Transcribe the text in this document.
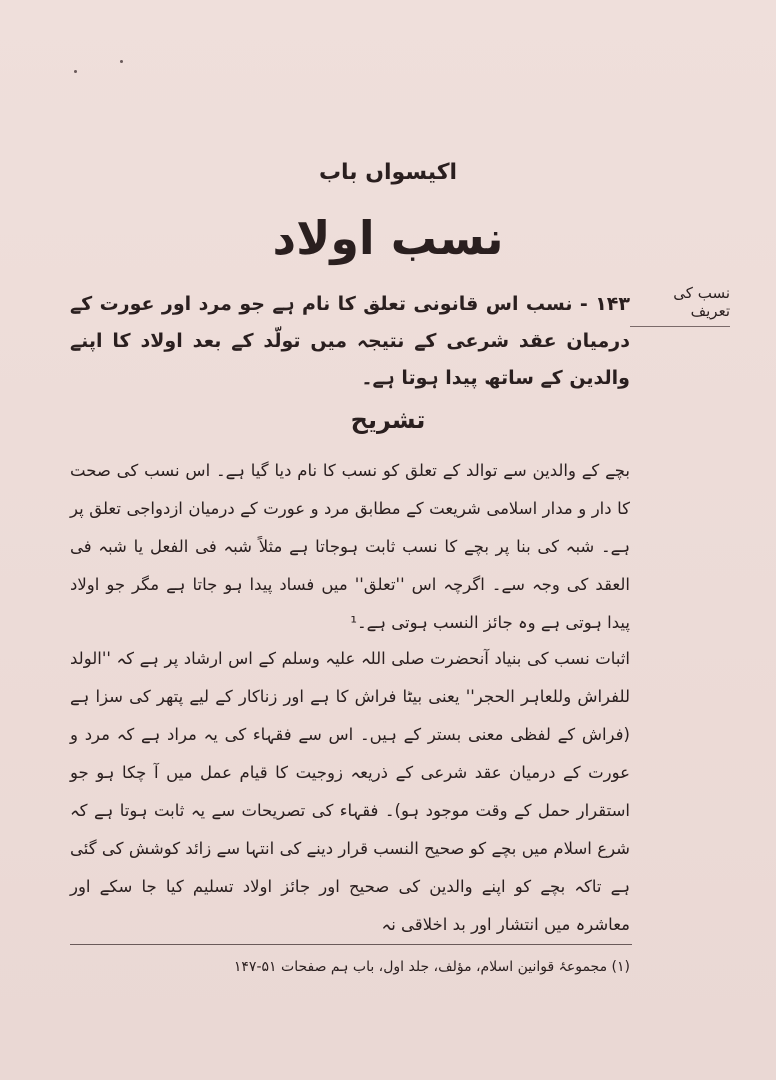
اکیسواں باب
نسب اولاد
نسب کی تعریف
۱۴۳ - نسب اس قانونی تعلق کا نام ہے جو مرد اور عورت کے درمیان عقد شرعی کے نتیجہ میں تولّد کے بعد اولاد کا اپنے والدین کے ساتھ پیدا ہوتا ہے۔
تشریح
بچے کے والدین سے توالد کے تعلق کو نسب کا نام دیا گیا ہے۔ اس نسب کی صحت کا دار و مدار اسلامی شریعت کے مطابق مرد و عورت کے درمیان ازدواجی تعلق پر ہے۔ شبہ کی بنا پر بچے کا نسب ثابت ہوجاتا ہے مثلاً شبہ فی الفعل یا شبہ فی العقد کی وجہ سے۔ اگرچہ اس ''تعلق'' میں فساد پیدا ہو جاتا ہے مگر جو اولاد پیدا ہوتی ہے وہ جائز النسب ہوتی ہے۔¹
اثبات نسب کی بنیاد آنحضرت صلی اللہ علیہ وسلم کے اس ارشاد پر ہے کہ ''الولد للفراش وللعاہر الحجر'' یعنی بیٹا فراش کا ہے اور زناکار کے لیے پتھر کی سزا ہے (فراش کے لفظی معنی بستر کے ہیں۔ اس سے فقہاء کی یہ مراد ہے کہ مرد و عورت کے درمیان عقد شرعی کے ذریعہ زوجیت کا قیام عمل میں آ چکا ہو جو استقرار حمل کے وقت موجود ہو)۔ فقہاء کی تصریحات سے یہ ثابت ہوتا ہے کہ شرع اسلام میں بچے کو صحیح النسب قرار دینے کی انتہا سے زائد کوشش کی گئی ہے تاکہ بچے کو اپنے والدین کی صحیح اور جائز اولاد تسلیم کیا جا سکے اور معاشرہ میں انتشار اور بد اخلاقی نہ
(۱) مجموعۂ قوانین اسلام، مؤلف، جلد اول، باب ہم صفحات ۵۱-۱۴۷
